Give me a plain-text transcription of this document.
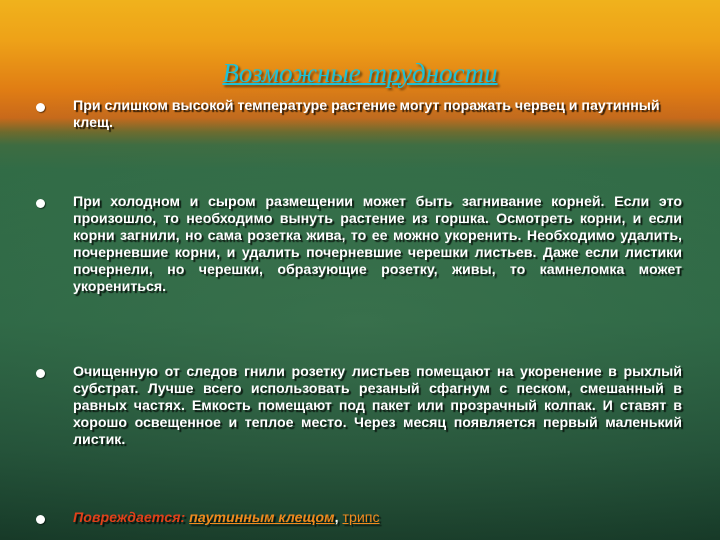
Возможные трудности
При слишком высокой температуре растение могут поражать червец и паутинный клещ.
При холодном и сыром размещении может быть загнивание корней. Если это произошло, то необходимо вынуть растение из горшка. Осмотреть корни, и если корни загнили, но сама розетка жива, то ее можно укоренить. Необходимо удалить, почерневшие корни, и удалить почерневшие черешки листьев. Даже если листики почернели, но черешки, образующие розетку, живы, то камнеломка может укорениться.
Очищенную от следов гнили розетку листьев помещают на укоренение в рыхлый субстрат. Лучше всего использовать резаный сфагнум с песком, смешанный в равных частях. Емкость помещают под пакет или прозрачный колпак. И ставят в хорошо освещенное и теплое место. Через месяц появляется первый маленький листик.
Повреждается: паутинным клещом, трипс
